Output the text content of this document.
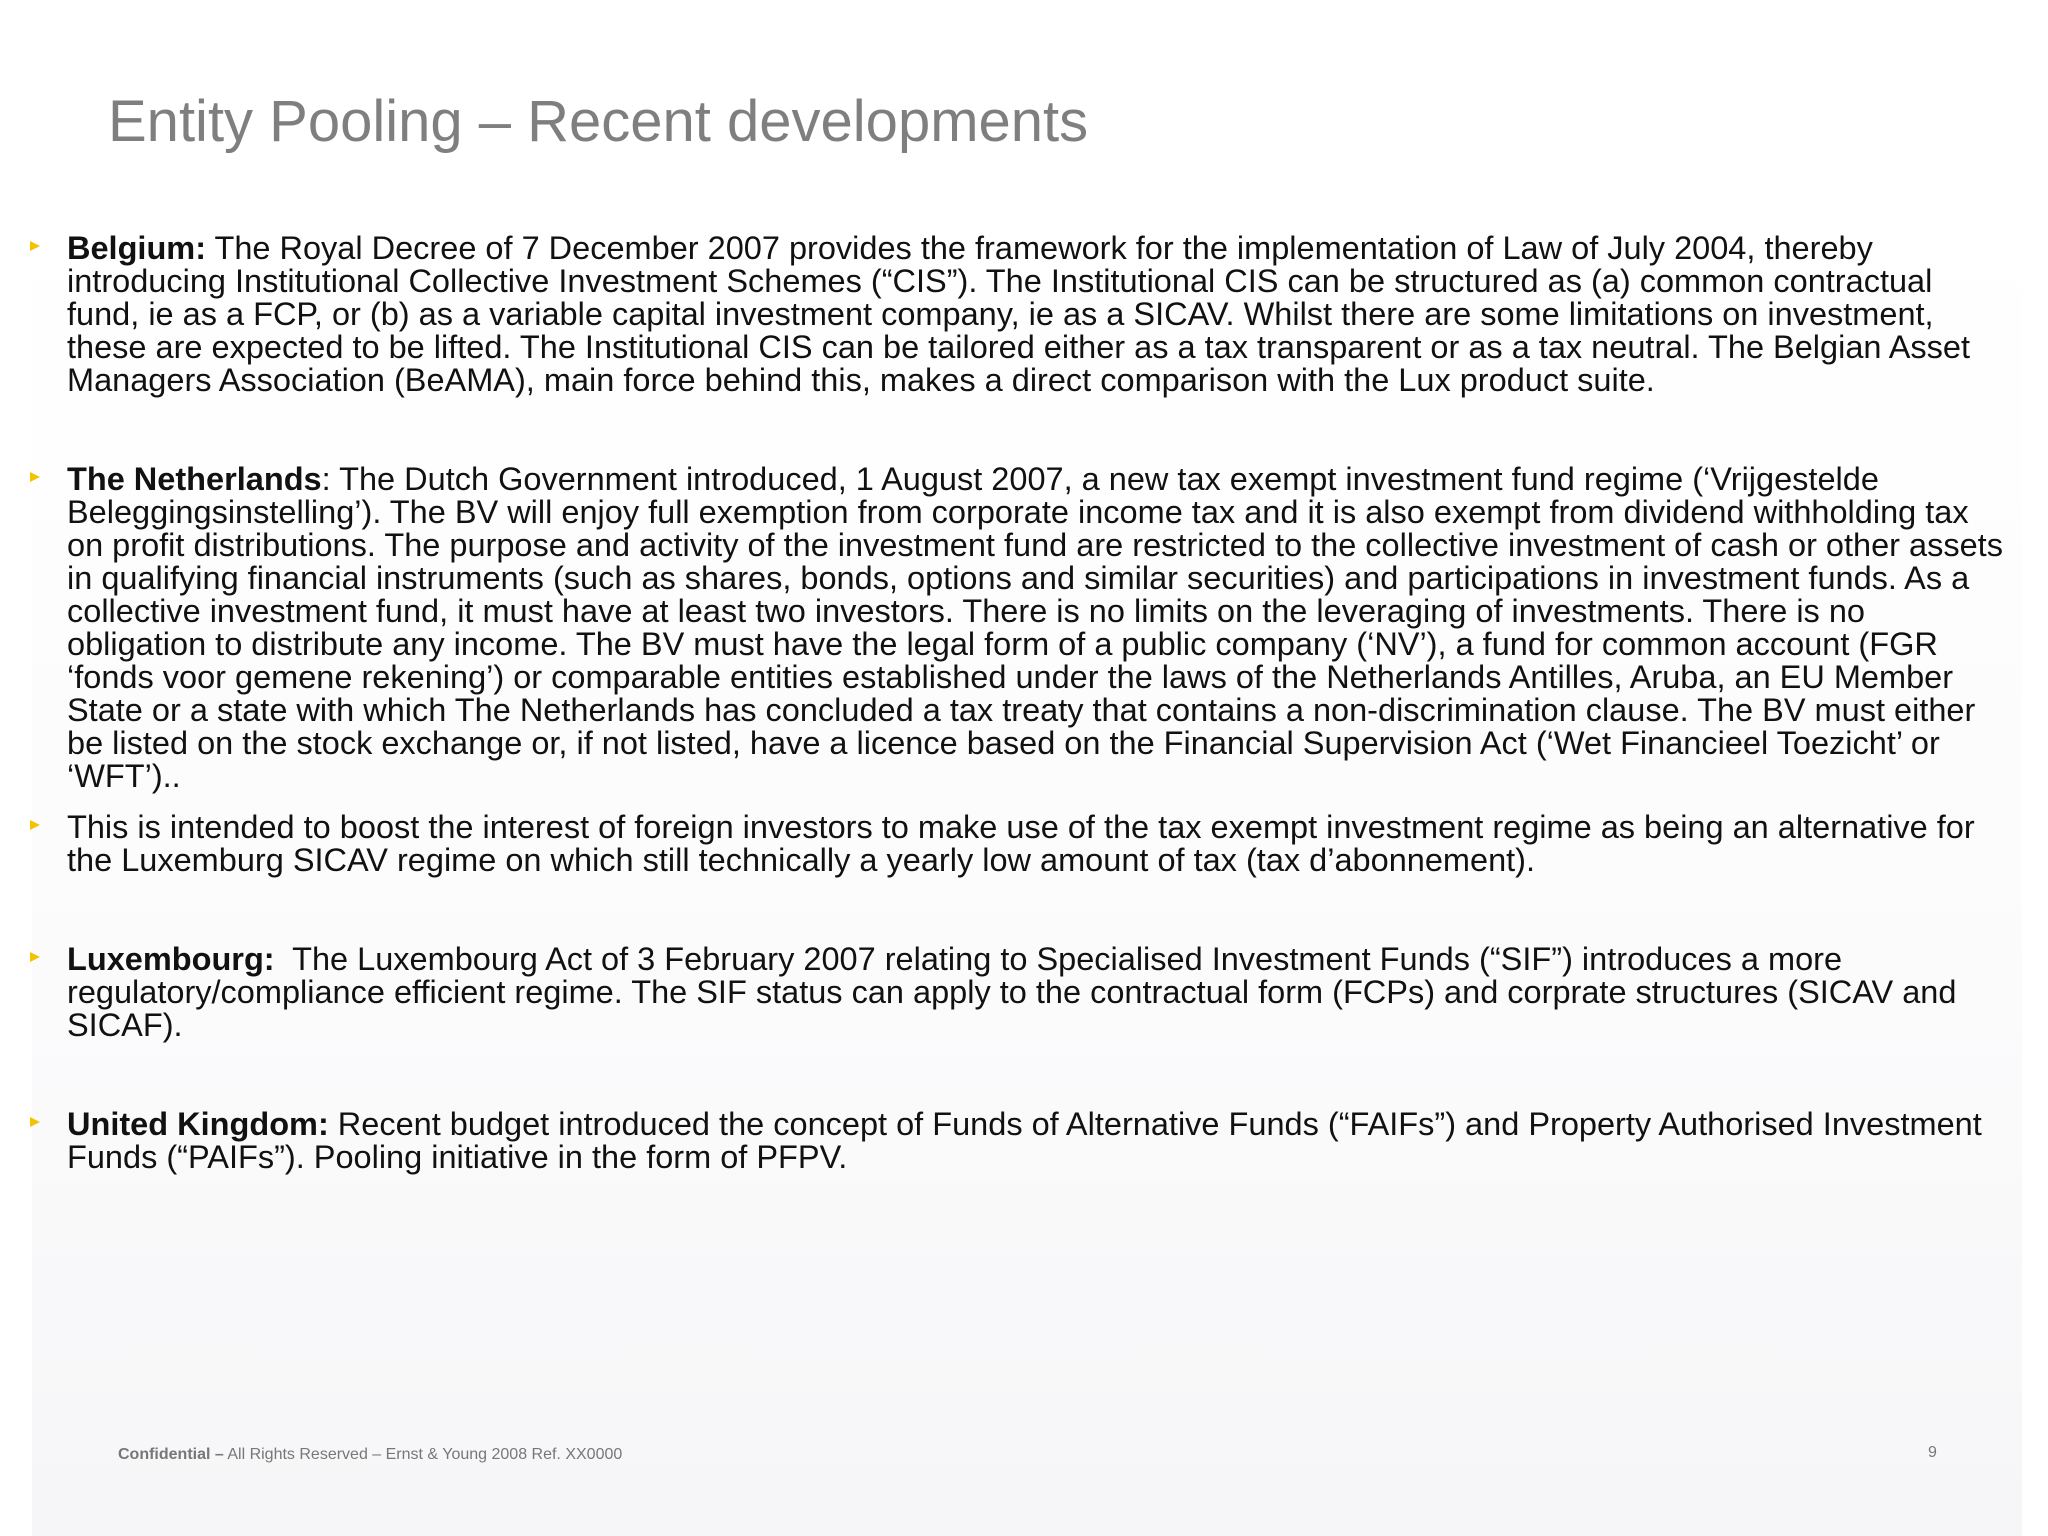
Entity Pooling – Recent developments
Belgium: The Royal Decree of 7 December 2007 provides the framework for the implementation of Law of July 2004, thereby introducing Institutional Collective Investment Schemes (“CIS”). The Institutional CIS can be structured as (a) common contractual fund, ie as a FCP, or (b) as a variable capital investment company, ie as a SICAV. Whilst there are some limitations on investment, these are expected to be lifted. The Institutional CIS can be tailored either as a tax transparent or as a tax neutral. The Belgian Asset Managers Association (BeAMA), main force behind this, makes a direct comparison with the Lux product suite.
The Netherlands: The Dutch Government introduced, 1 August 2007, a new tax exempt investment fund regime (‘Vrijgestelde Beleggingsinstelling’). The BV will enjoy full exemption from corporate income tax and it is also exempt from dividend withholding tax on profit distributions. The purpose and activity of the investment fund are restricted to the collective investment of cash or other assets in qualifying financial instruments (such as shares, bonds, options and similar securities) and participations in investment funds. As a collective investment fund, it must have at least two investors. There is no limits on the leveraging of investments. There is no obligation to distribute any income. The BV must have the legal form of a public company (‘NV’), a fund for common account (FGR ‘fonds voor gemene rekening’) or comparable entities established under the laws of the Netherlands Antilles, Aruba, an EU Member State or a state with which The Netherlands has concluded a tax treaty that contains a non-discrimination clause. The BV must either be listed on the stock exchange or, if not listed, have a licence based on the Financial Supervision Act (‘Wet Financieel Toezicht’ or ‘WFT’)..
This is intended to boost the interest of foreign investors to make use of the tax exempt investment regime as being an alternative for the Luxemburg SICAV regime on which still technically a yearly low amount of tax (tax d’abonnement).
Luxembourg: The Luxembourg Act of 3 February 2007 relating to Specialised Investment Funds (“SIF”) introduces a more regulatory/compliance efficient regime. The SIF status can apply to the contractual form (FCPs) and corprate structures (SICAV and SICAF).
United Kingdom: Recent budget introduced the concept of Funds of Alternative Funds (“FAIFs”) and Property Authorised Investment Funds (“PAIFs”). Pooling initiative in the form of PFPV.
Confidential – All Rights Reserved – Ernst & Young 2008 Ref. XX0000	9
